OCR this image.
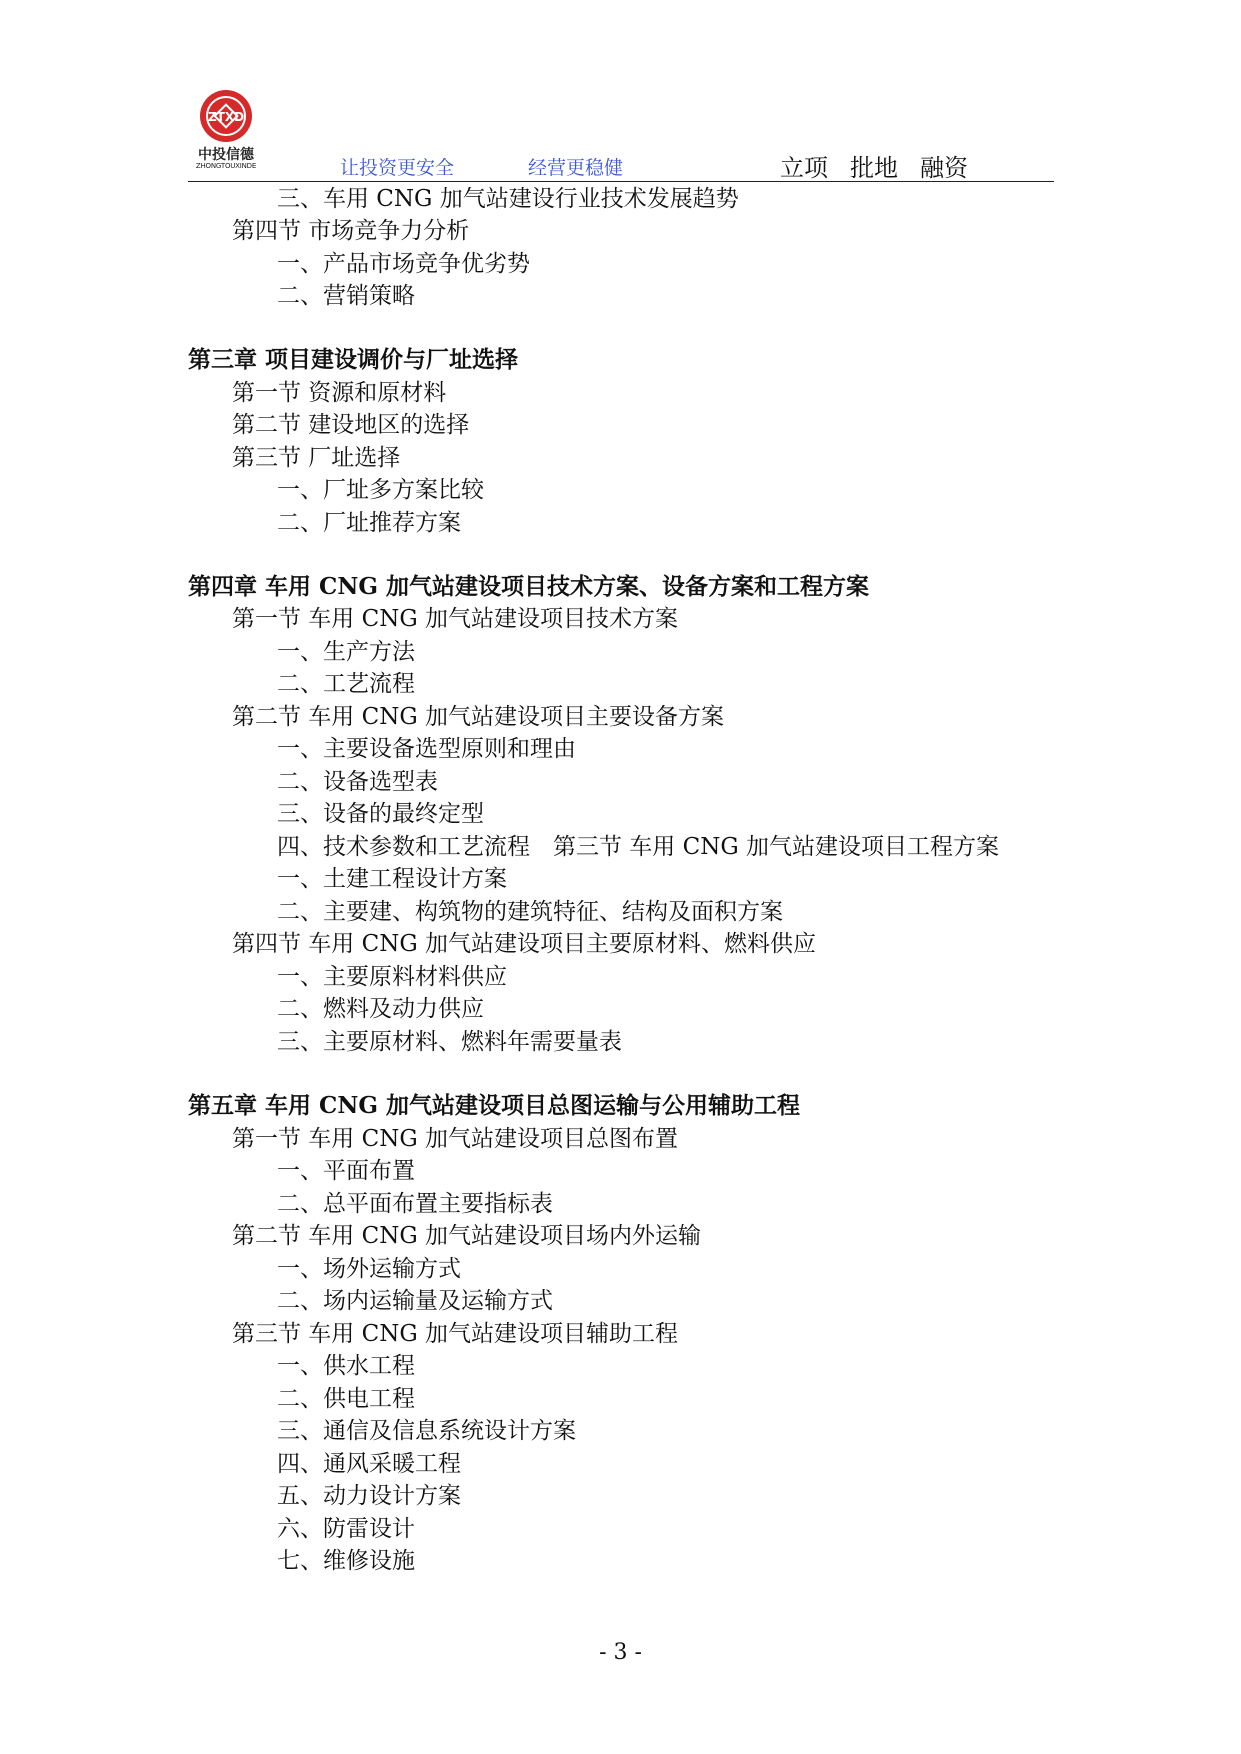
ZTXD
中投信德
ZHONGTOUXINDE	让投资更安全	经营更稳健	立项 批地 融资
三、车用 CNG 加气站建设行业技术发展趋势
第四节 市场竞争力分析
一、产品市场竞争优劣势
二、营销策略
第三章 项目建设调价与厂址选择
第一节 资源和原材料
第二节 建设地区的选择
第三节 厂址选择
一、厂址多方案比较
二、厂址推荐方案
第四章 车用 CNG 加气站建设项目技术方案、设备方案和工程方案
第一节 车用 CNG 加气站建设项目技术方案
一、生产方法
二、工艺流程
第二节 车用 CNG 加气站建设项目主要设备方案
一、主要设备选型原则和理由
二、设备选型表
三、设备的最终定型
四、技术参数和工艺流程　第三节 车用 CNG 加气站建设项目工程方案
一、土建工程设计方案
二、主要建、构筑物的建筑特征、结构及面积方案
第四节 车用 CNG 加气站建设项目主要原材料、燃料供应
一、主要原料材料供应
二、燃料及动力供应
三、主要原材料、燃料年需要量表
第五章 车用 CNG 加气站建设项目总图运输与公用辅助工程
第一节 车用 CNG 加气站建设项目总图布置
一、平面布置
二、总平面布置主要指标表
第二节 车用 CNG 加气站建设项目场内外运输
一、场外运输方式
二、场内运输量及运输方式
第三节 车用 CNG 加气站建设项目辅助工程
一、供水工程
二、供电工程
三、通信及信息系统设计方案
四、通风采暖工程
五、动力设计方案
六、防雷设计
七、维修设施
- 3 -
